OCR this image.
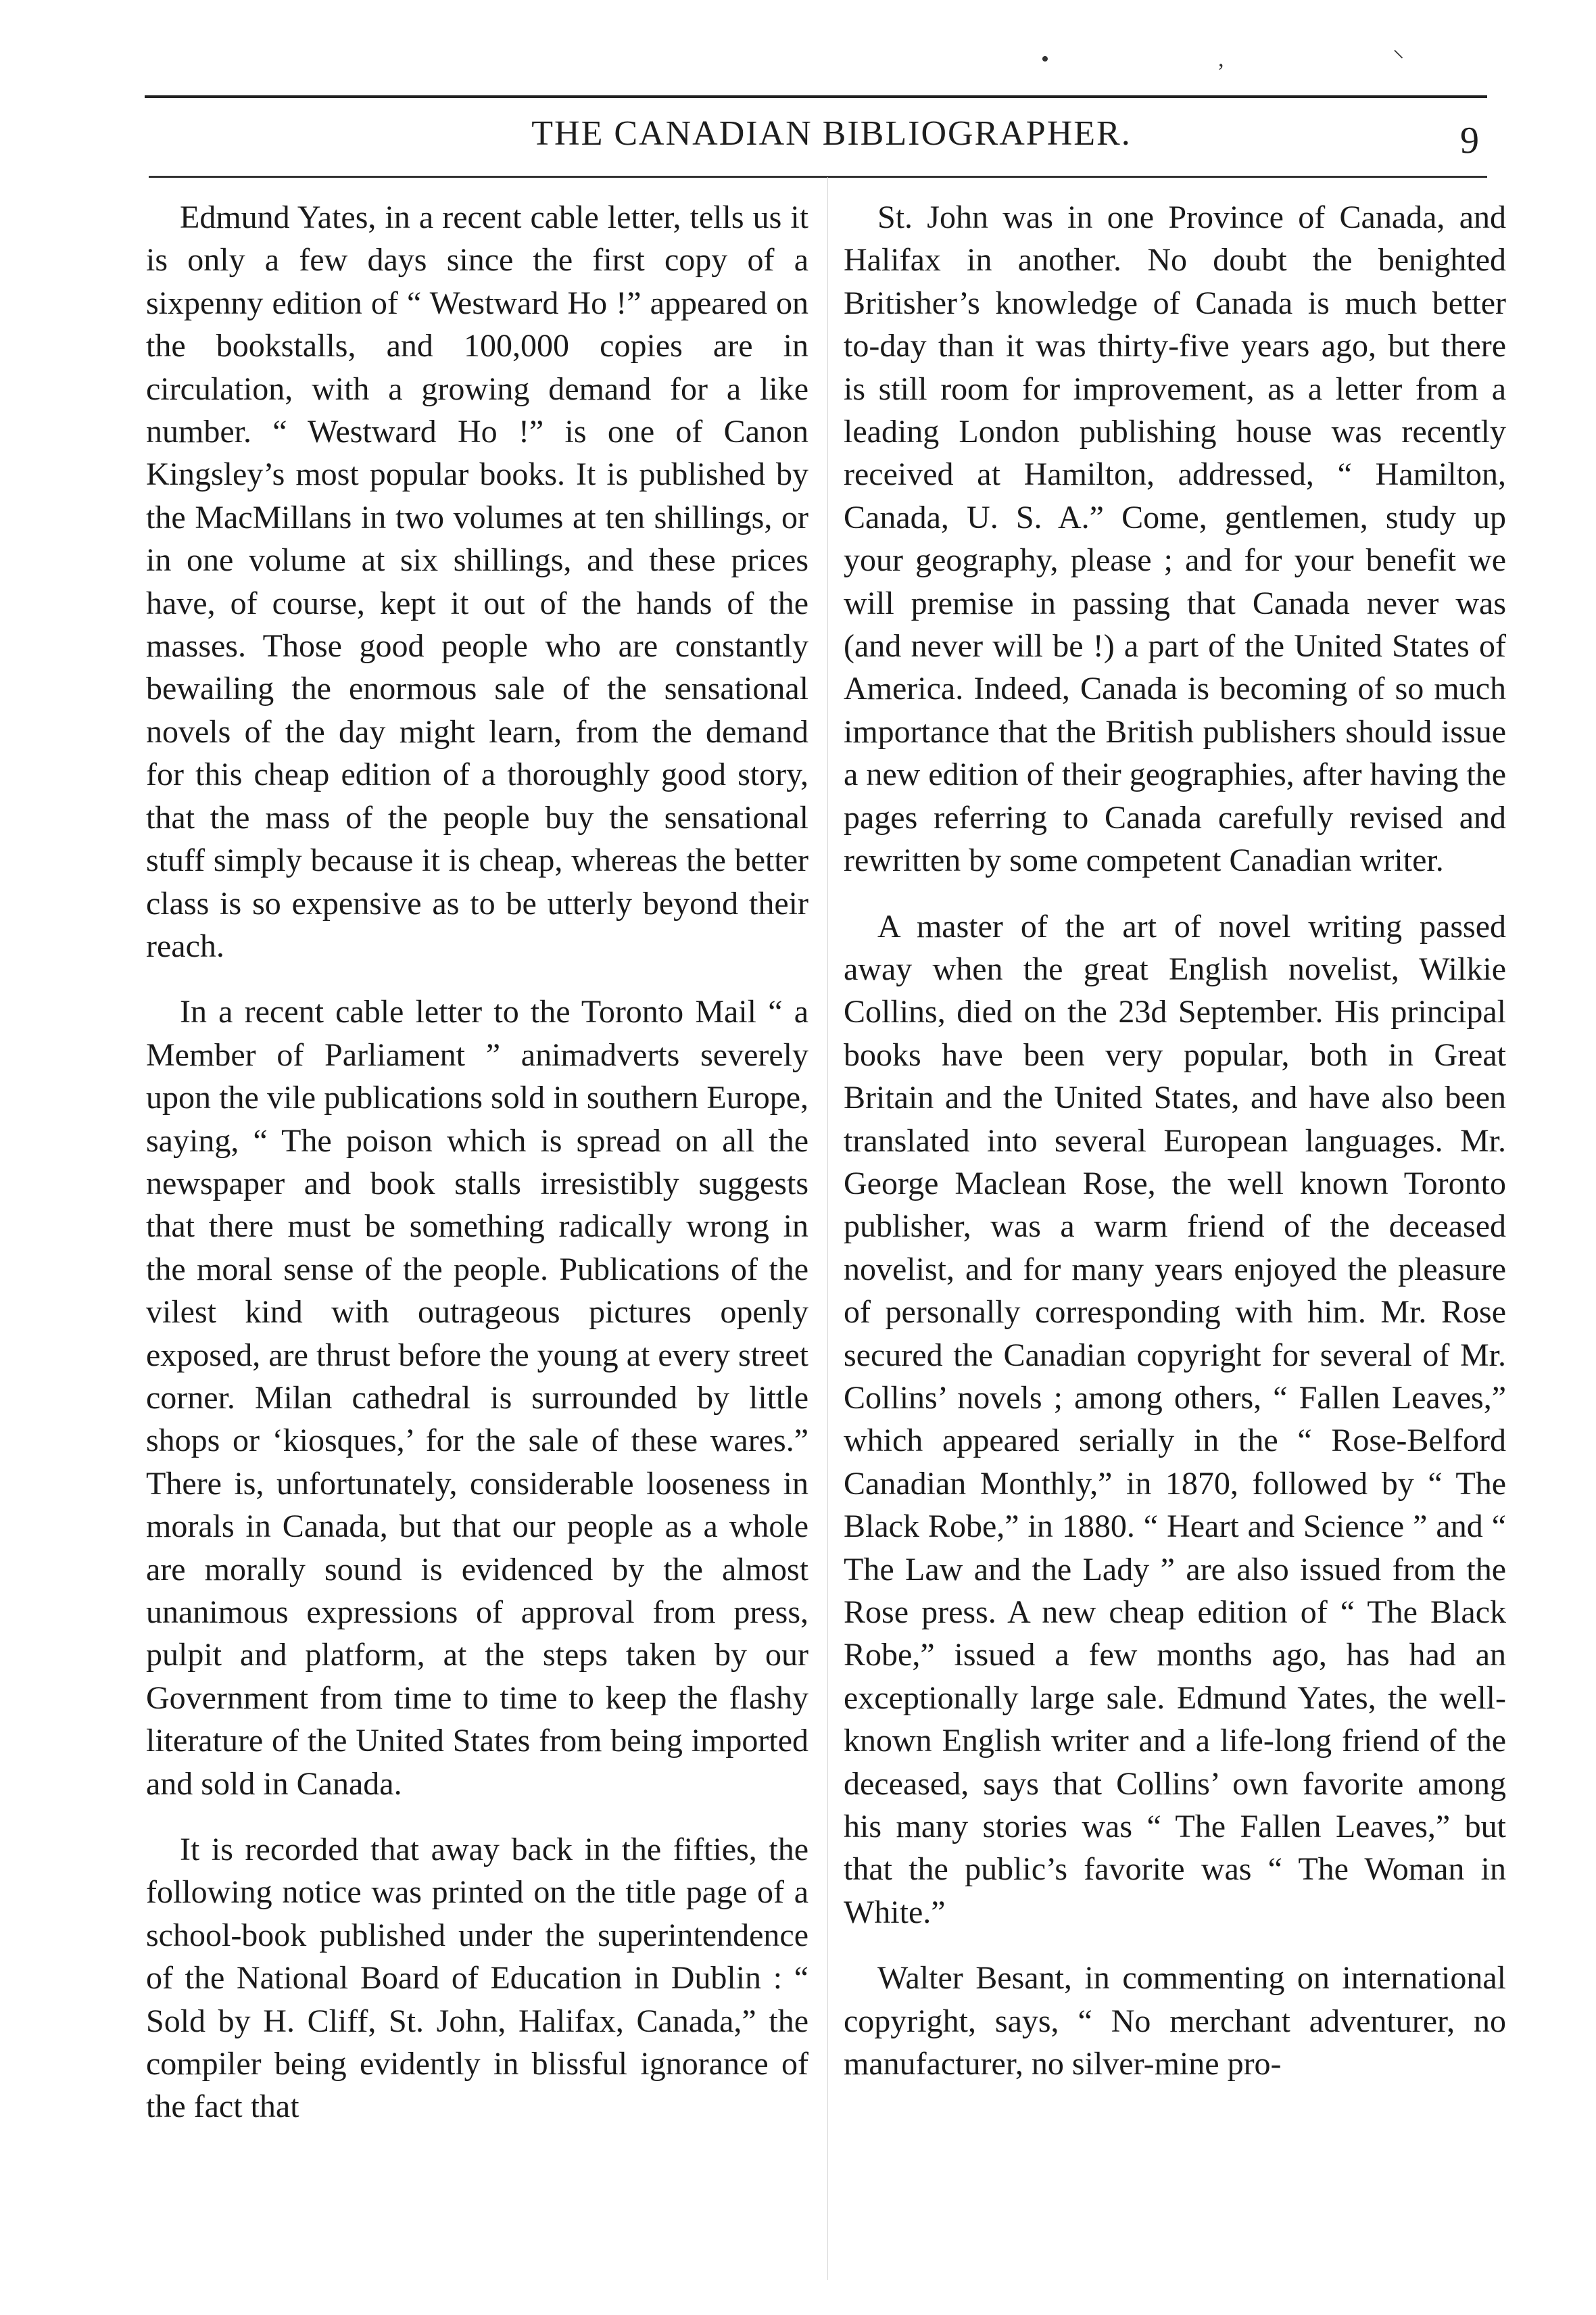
• ‚ ⸌
THE CANADIAN BIBLIOGRAPHER.	9

Edmund Yates, in a recent cable letter, tells us it is only a few days since the first copy of a sixpenny edition of “ Westward Ho !” appeared on the bookstalls, and 100,000 copies are in circulation, with a growing demand for a like number. “ Westward Ho !” is one of Canon Kingsley’s most popular books. It is published by the MacMillans in two volumes at ten shillings, or in one volume at six shillings, and these prices have, of course, kept it out of the hands of the masses. Those good people who are constantly bewailing the enormous sale of the sensational novels of the day might learn, from the demand for this cheap edition of a thoroughly good story, that the mass of the people buy the sensational stuff simply because it is cheap, whereas the better class is so expensive as to be utterly beyond their reach.

In a recent cable letter to the Toronto Mail “ a Member of Parliament ” animadverts severely upon the vile publications sold in southern Europe, saying, “ The poison which is spread on all the newspaper and book stalls irresistibly suggests that there must be something radically wrong in the moral sense of the people. Publications of the vilest kind with outrageous pictures openly exposed, are thrust before the young at every street corner. Milan cathedral is surrounded by little shops or ‘kiosques,’ for the sale of these wares.” There is, unfortunately, considerable looseness in morals in Canada, but that our people as a whole are morally sound is evidenced by the almost unanimous expressions of approval from press, pulpit and platform, at the steps taken by our Government from time to time to keep the flashy literature of the United States from being imported and sold in Canada.

It is recorded that away back in the fifties, the following notice was printed on the title page of a school-book published under the superintendence of the National Board of Education in Dublin : “ Sold by H. Cliff, St. John, Halifax, Canada,” the compiler being evidently in blissful ignorance of the fact that

St. John was in one Province of Canada, and Halifax in another. No doubt the benighted Britisher’s knowledge of Canada is much better to-day than it was thirty-five years ago, but there is still room for improvement, as a letter from a leading London publishing house was recently received at Hamilton, addressed, “ Hamilton, Canada, U. S. A.” Come, gentlemen, study up your geography, please ; and for your benefit we will premise in passing that Canada never was (and never will be !) a part of the United States of America. Indeed, Canada is becoming of so much importance that the British publishers should issue a new edition of their geographies, after having the pages referring to Canada carefully revised and rewritten by some competent Canadian writer.

A master of the art of novel writing passed away when the great English novelist, Wilkie Collins, died on the 23d September. His principal books have been very popular, both in Great Britain and the United States, and have also been translated into several European languages. Mr. George Maclean Rose, the well known Toronto publisher, was a warm friend of the deceased novelist, and for many years enjoyed the pleasure of personally corresponding with him. Mr. Rose secured the Canadian copyright for several of Mr. Collins’ novels ; among others, “ Fallen Leaves,” which appeared serially in the “ Rose-Belford Canadian Monthly,” in 1870, followed by “ The Black Robe,” in 1880. “ Heart and Science ” and “ The Law and the Lady ” are also issued from the Rose press. A new cheap edition of “ The Black Robe,” issued a few months ago, has had an exceptionally large sale. Edmund Yates, the well-known English writer and a life-long friend of the deceased, says that Collins’ own favorite among his many stories was “ The Fallen Leaves,” but that the public’s favorite was “ The Woman in White.”

Walter Besant, in commenting on international copyright, says, “ No merchant adventurer, no manufacturer, no silver-mine pro-
